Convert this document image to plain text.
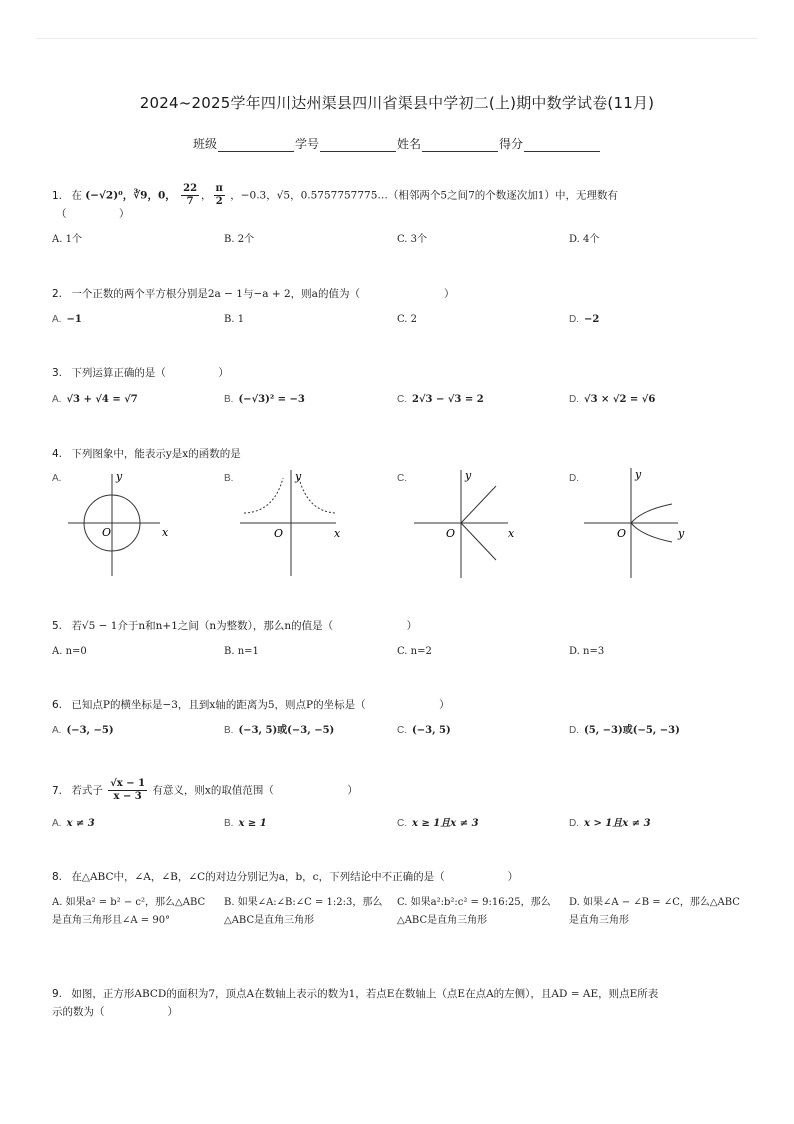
2024~2025学年四川达州渠县四川省渠县中学初二(上)期中数学试卷(11月)
班级	学号	姓名	得分
1. 在 (−√2)⁰，∛9，0， $\frac{22}{7}$ ， $\frac{\pi}{2}$ ，−0.3，√5，0.5757757775…（相邻两个5之间7的个数逐次加1）中，无理数有
（　　　　　）
A. 1个	B. 2个	C. 3个	D. 4个
2. 一个正数的两个平方根分别是2a − 1与−a + 2，则a的值为（　　　　　　　　）
A. −1	B. 1	C. 2	D. −2
3. 下列运算正确的是（　　　　　）
A. √3 + √4 = √7	B. (−√3)² = −3	C. 2√3 − √3 = 2	D. √3 × √2 = √6
4. 下列图象中，能表示y是x的函数的是
A.	B.	C.	D.
y
x
O
y
x
O
y
x
O
y
y
O
5. 若√5 − 1介于n和n+1之间（n为整数），那么n的值是（　　　　　　　）
A. n=0	B. n=1	C. n=2	D. n=3
6. 已知点P的横坐标是−3，且到x轴的距离为5，则点P的坐标是（　　　　　　　）
A. (−3, −5)	B. (−3, 5)或(−3, −5)	C. (−3, 5)	D. (5, −3)或(−5, −3)
7. 若式子 $\frac{√x - 1}{x - 3}$ 有意义，则x的取值范围（　　　　　　　）
A. x ≠ 3	B. x ≥ 1	C. x ≥ 1且x ≠ 3	D. x > 1且x ≠ 3
8. 在△ABC中，∠A，∠B，∠C的对边分别记为a，b，c，下列结论中不正确的是（　　　　　　）
A. 如果a² = b² − c²，那么△ABC是直角三角形且∠A = 90°
B. 如果∠A:∠B:∠C = 1:2:3，那么△ABC是直角三角形
C. 如果a²:b²:c² = 9:16:25，那么△ABC是直角三角形
D. 如果∠A − ∠B = ∠C，那么△ABC是直角三角形
9. 如图，正方形ABCD的面积为7，顶点A在数轴上表示的数为1，若点E在数轴上（点E在点A的左侧），且AD = AE，则点E所表
示的数为（　　　　　　）
